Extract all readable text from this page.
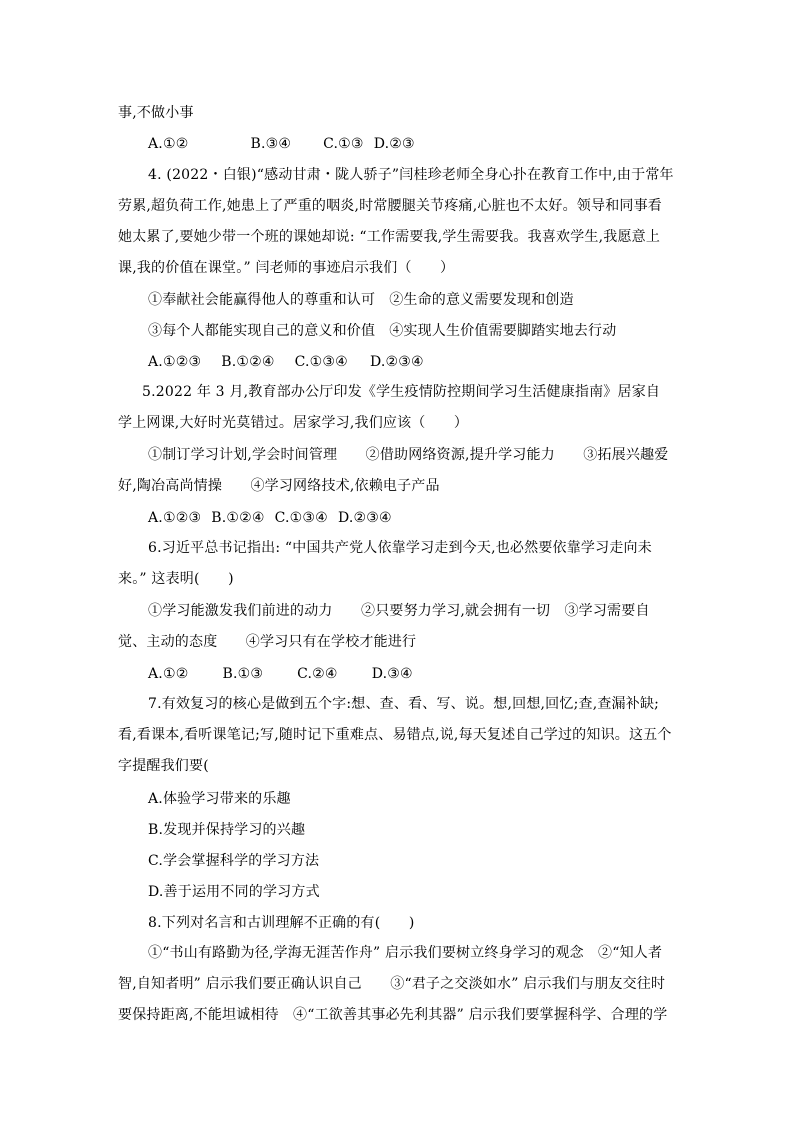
事,不做小事
A.①②	B.③④ C.①③ D.②③
4. (2022・白银)“感动甘肃・陇人骄子”闫桂珍老师全身心扑在教育工作中,由于常年劳累,超负荷工作,她患上了严重的咽炎,时常腰腿关节疼痛,心脏也不太好。领导和同事看她太累了,要她少带一个班的课她却说: “工作需要我,学生需要我。我喜欢学生,我愿意上课,我的价值在课堂。” 闫老师的事迹启示我们（　　）
①奉献社会能赢得他人的尊重和认可 ②生命的意义需要发现和创造
③每个人都能实现自己的意义和价值 ④实现人生价值需要脚踏实地去行动
A.①②③ B.①②④ C.①③④ D.②③④
5.2022 年 3 月,教育部办公厅印发《学生疫情防控期间学习生活健康指南》居家自学上网课,大好时光莫错过。居家学习,我们应该（　　）
①制订学习计划,学会时间管理　　②借助网络资源,提升学习能力　　③拓展兴趣爱好,陶冶高尚情操　　④学习网络技术,依赖电子产品
A.①②③ B.①②④ C.①③④ D.②③④
6.习近平总书记指出: “中国共产党人依靠学习走到今天,也必然要依靠学习走向未来。” 这表明(　　)
①学习能激发我们前进的动力　　②只要努力学习,就会拥有一切　③学习需要自觉、主动的态度　　④学习只有在学校才能进行
A.①② B.①③ C.②④ D.③④
7.有效复习的核心是做到五个字:想、查、看、写、说。想,回想,回忆;查,查漏补缺;看,看课本,看听课笔记;写,随时记下重难点、易错点,说,每天复述自己学过的知识。这五个字提醒我们要(
A.体验学习带来的乐趣
B.发现并保持学习的兴趣
C.学会掌握科学的学习方法
D.善于运用不同的学习方式
8.下列对名言和古训理解不正确的有(　　)
①“书山有路勤为径,学海无涯苦作舟” 启示我们要树立终身学习的观念　②“知人者智,自知者明” 启示我们要正确认识自己　　③“君子之交淡如水” 启示我们与朋友交往时要保持距离,不能坦诚相待　④“工欲善其事必先利其器” 启示我们要掌握科学、合理的学
